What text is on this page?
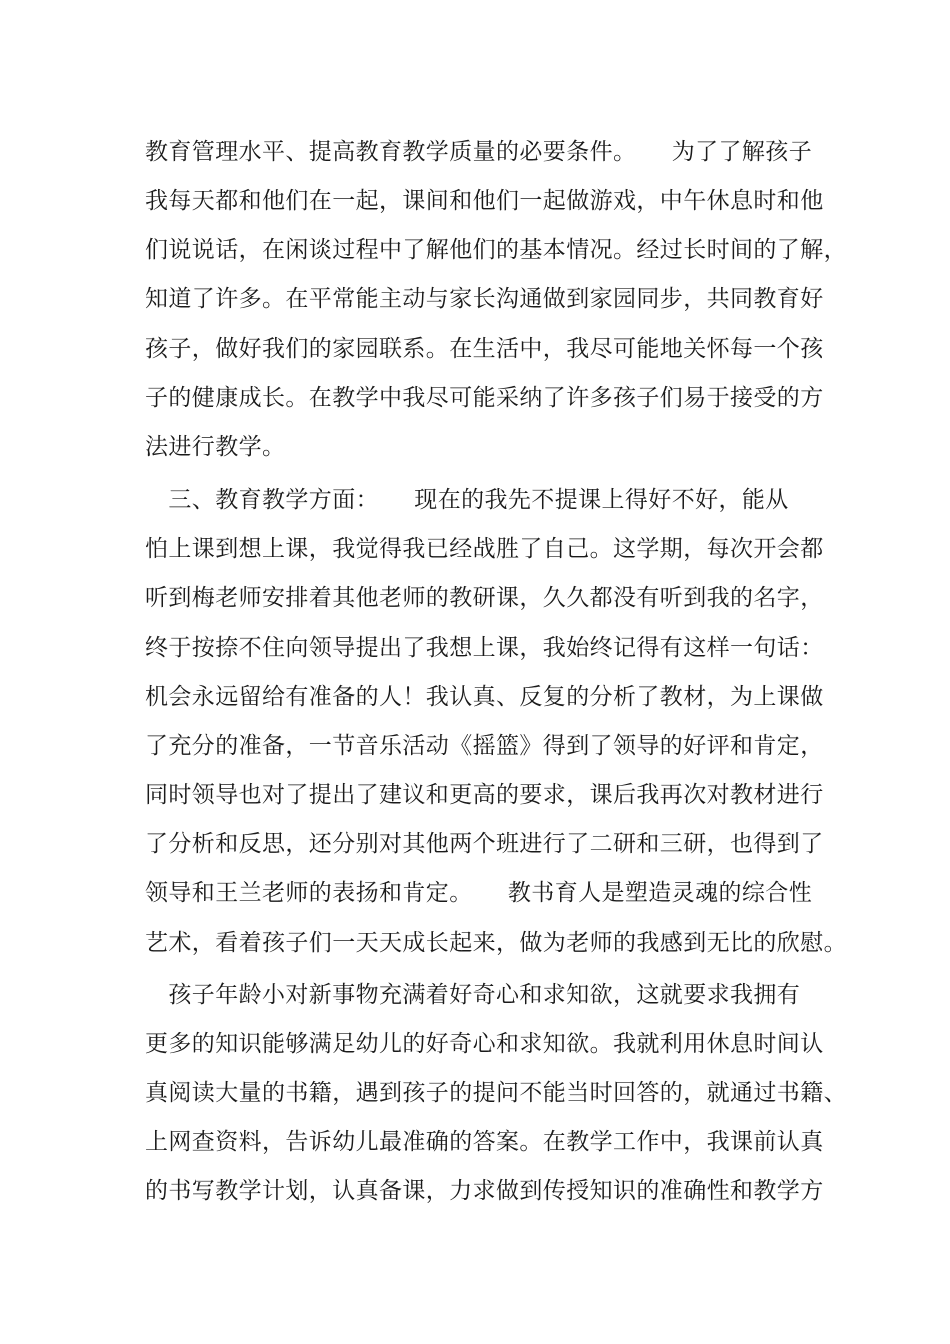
教育管理水平、提高教育教学质量的必要条件。　　为了了解孩子

我每天都和他们在一起，课间和他们一起做游戏，中午休息时和他

们说说话，在闲谈过程中了解他们的基本情况。经过长时间的了解，

知道了许多。在平常能主动与家长沟通做到家园同步，共同教育好

孩子，做好我们的家园联系。在生活中，我尽可能地关怀每一个孩

子的健康成长。在教学中我尽可能采纳了许多孩子们易于接受的方

法进行教学。

　三、教育教学方面：　　现在的我先不提课上得好不好，能从

怕上课到想上课，我觉得我已经战胜了自己。这学期，每次开会都

听到梅老师安排着其他老师的教研课，久久都没有听到我的名字，

终于按捺不住向领导提出了我想上课，我始终记得有这样一句话：

机会永远留给有准备的人！我认真、反复的分析了教材，为上课做

了充分的准备，一节音乐活动《摇篮》得到了领导的好评和肯定，

同时领导也对了提出了建议和更高的要求，课后我再次对教材进行

了分析和反思，还分别对其他两个班进行了二研和三研，也得到了

领导和王兰老师的表扬和肯定。　　教书育人是塑造灵魂的综合性

艺术，看着孩子们一天天成长起来，做为老师的我感到无比的欣慰。

　孩子年龄小对新事物充满着好奇心和求知欲，这就要求我拥有

更多的知识能够满足幼儿的好奇心和求知欲。我就利用休息时间认

真阅读大量的书籍，遇到孩子的提问不能当时回答的，就通过书籍、

上网查资料，告诉幼儿最准确的答案。在教学工作中，我课前认真

的书写教学计划，认真备课，力求做到传授知识的准确性和教学方
